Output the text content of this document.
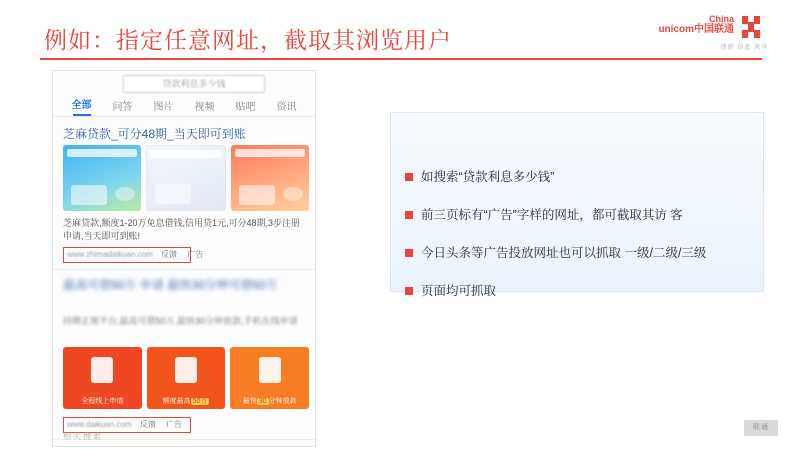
例如：指定任意网址，截取其浏览用户
China
unicom中国联通
创新 信息 共享
贷款利息多少钱
全部	问答	图片	视频	贴吧	资讯
芝麻贷款_可分48期_当天即可到账
芝麻贷款,额度1-20万免息借钱,信用贷1元,可分48期,3步注册申请,当天即可到账!
www.zhimadaikuan.com 反馈 广告
最高可借50万 申请 最快30分钟可借50万
持牌正规平台,最高可借50万,最快30分钟放款,手机在线申请
全程线上申请	额度最高 50万	最快 30 分钟放款
www.daikuan.com 反馈 广告
相关搜索
如搜索“贷款利息多少钱”
前三页标有“广告”字样的网址，都可截取其访 客
今日头条等广告投放网址也可以抓取 一级/二级/三级
页面均可抓取
联通
